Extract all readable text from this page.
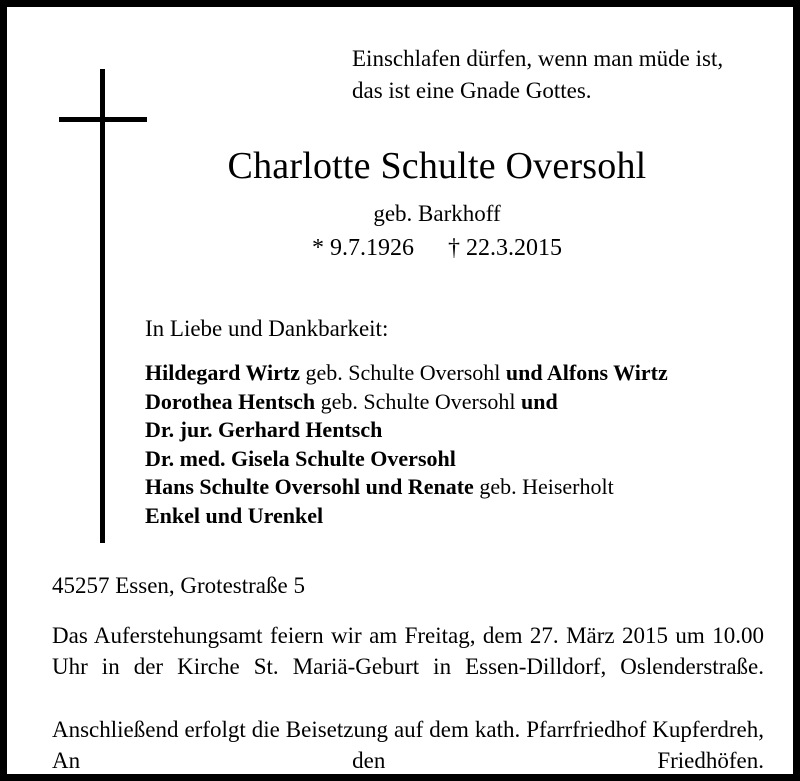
Einschlafen dürfen, wenn man müde ist,
das ist eine Gnade Gottes.
Charlotte Schulte Oversohl
geb. Barkhoff
* 9.7.1926 † 22.3.2015
In Liebe und Dankbarkeit:
Hildegard Wirtz geb. Schulte Oversohl und Alfons Wirtz
Dorothea Hentsch geb. Schulte Oversohl und
Dr. jur. Gerhard Hentsch
Dr. med. Gisela Schulte Oversohl
Hans Schulte Oversohl und Renate geb. Heiserholt
Enkel und Urenkel
45257 Essen, Grotestraße 5
Das Auferstehungsamt feiern wir am Freitag, dem 27. März 2015 um 10.00 Uhr in der Kirche St. Mariä-Geburt in Essen-Dilldorf, Oslenderstraße.
Anschließend erfolgt die Beisetzung auf dem kath. Pfarrfriedhof Kupferdreh, An den Friedhöfen.
